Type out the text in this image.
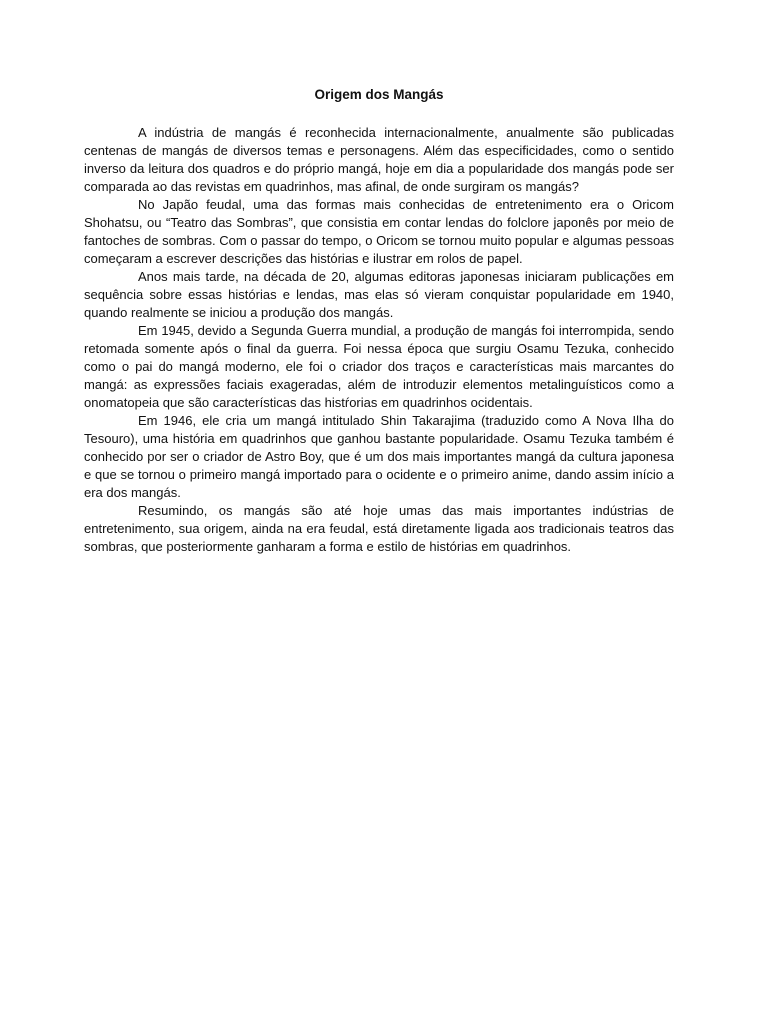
Origem dos Mangás

A indústria de mangás é reconhecida internacionalmente, anualmente são publicadas centenas de mangás de diversos temas e personagens. Além das especificidades, como o sentido inverso da leitura dos quadros e do próprio mangá, hoje em dia a popularidade dos mangás pode ser comparada ao das revistas em quadrinhos, mas afinal, de onde surgiram os mangás?

No Japão feudal, uma das formas mais conhecidas de entretenimento era o Oricom Shohatsu, ou “Teatro das Sombras”, que consistia em contar lendas do folclore japonês por meio de fantoches de sombras. Com o passar do tempo, o Oricom se tornou muito popular e algumas pessoas começaram a escrever descrições das histórias e ilustrar em rolos de papel.

Anos mais tarde, na década de 20, algumas editoras japonesas iniciaram publicações em sequência sobre essas histórias e lendas, mas elas só vieram conquistar popularidade em 1940, quando realmente se iniciou a produção dos mangás.

Em 1945, devido a Segunda Guerra mundial, a produção de mangás foi interrompida, sendo retomada somente após o final da guerra. Foi nessa época que surgiu Osamu Tezuka, conhecido como o pai do mangá moderno, ele foi o criador dos traços e características mais marcantes do mangá: as expressões faciais exageradas, além de introduzir elementos metalinguísticos como a onomatopeia que são características das histŕorias em quadrinhos ocidentais.

Em 1946, ele cria um mangá intitulado Shin Takarajima (traduzido como A Nova Ilha do Tesouro), uma história em quadrinhos que ganhou bastante popularidade. Osamu Tezuka também é conhecido por ser o criador de Astro Boy, que é um dos mais importantes mangá da cultura japonesa e que se tornou o primeiro mangá importado para o ocidente e o primeiro anime, dando assim início a era dos mangás.

Resumindo, os mangás são até hoje umas das mais importantes indústrias de entretenimento, sua origem, ainda na era feudal, está diretamente ligada aos tradicionais teatros das sombras, que posteriormente ganharam a forma e estilo de histórias em quadrinhos.
